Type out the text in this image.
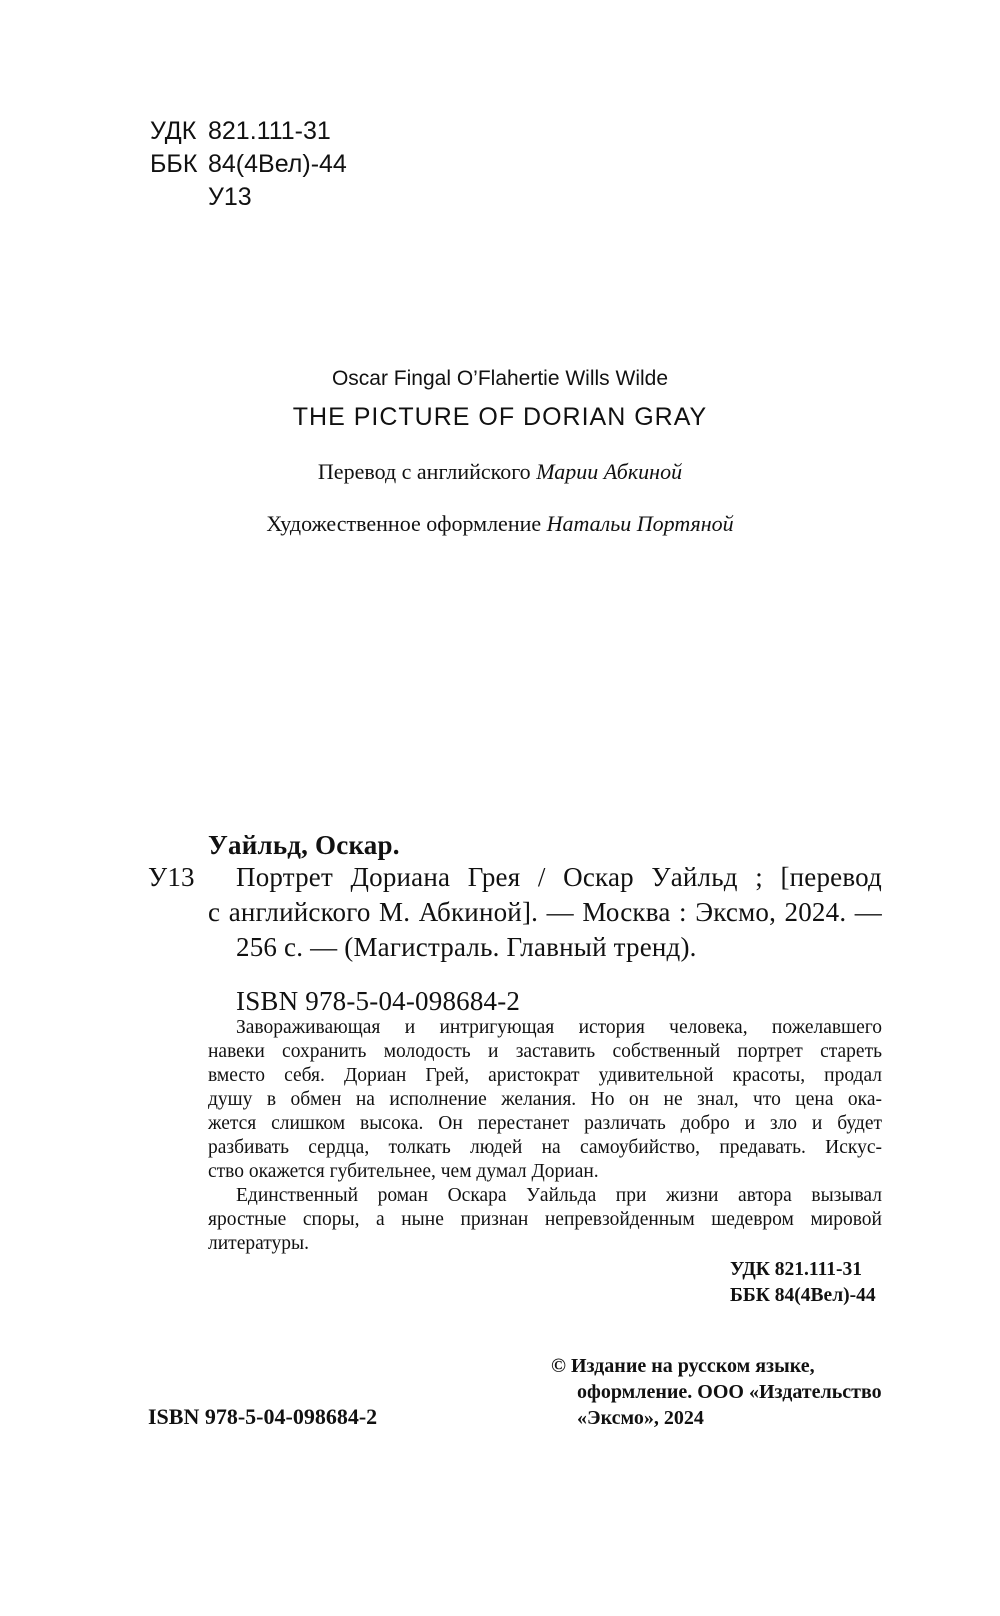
УДК 821.111-31
ББК 84(4Вел)-44
У13
Oscar Fingal O’Flahertie Wills Wilde
THE PICTURE OF DORIAN GRAY
Перевод с английского Марии Абкиной
Художественное оформление Натальи Портяной
Уайльд, Оскар.
У13 Портрет Дориана Грея / Оскар Уайльд ; [перевод
с английского М. Абкиной]. — Москва : Эксмо, 2024. —
256 с. — (Магистраль. Главный тренд).
ISBN 978-5-04-098684-2
Завораживающая и интригующая история человека, пожелавшего
навеки сохранить молодость и заставить собственный портрет стареть
вместо себя. Дориан Грей, аристократ удивительной красоты, продал
душу в обмен на исполнение желания. Но он не знал, что цена ока-
жется слишком высока. Он перестанет различать добро и зло и будет
разбивать сердца, толкать людей на самоубийство, предавать. Искус-
ство окажется губительнее, чем думал Дориан.
Единственный роман Оскара Уайльда при жизни автора вызывал
яростные споры, а ныне признан непревзойденным шедевром мировой
литературы.
УДК 821.111-31
ББК 84(4Вел)-44
ISBN 978-5-04-098684-2
© Издание на русском языке,
оформление. ООО «Издательство
«Эксмо», 2024
